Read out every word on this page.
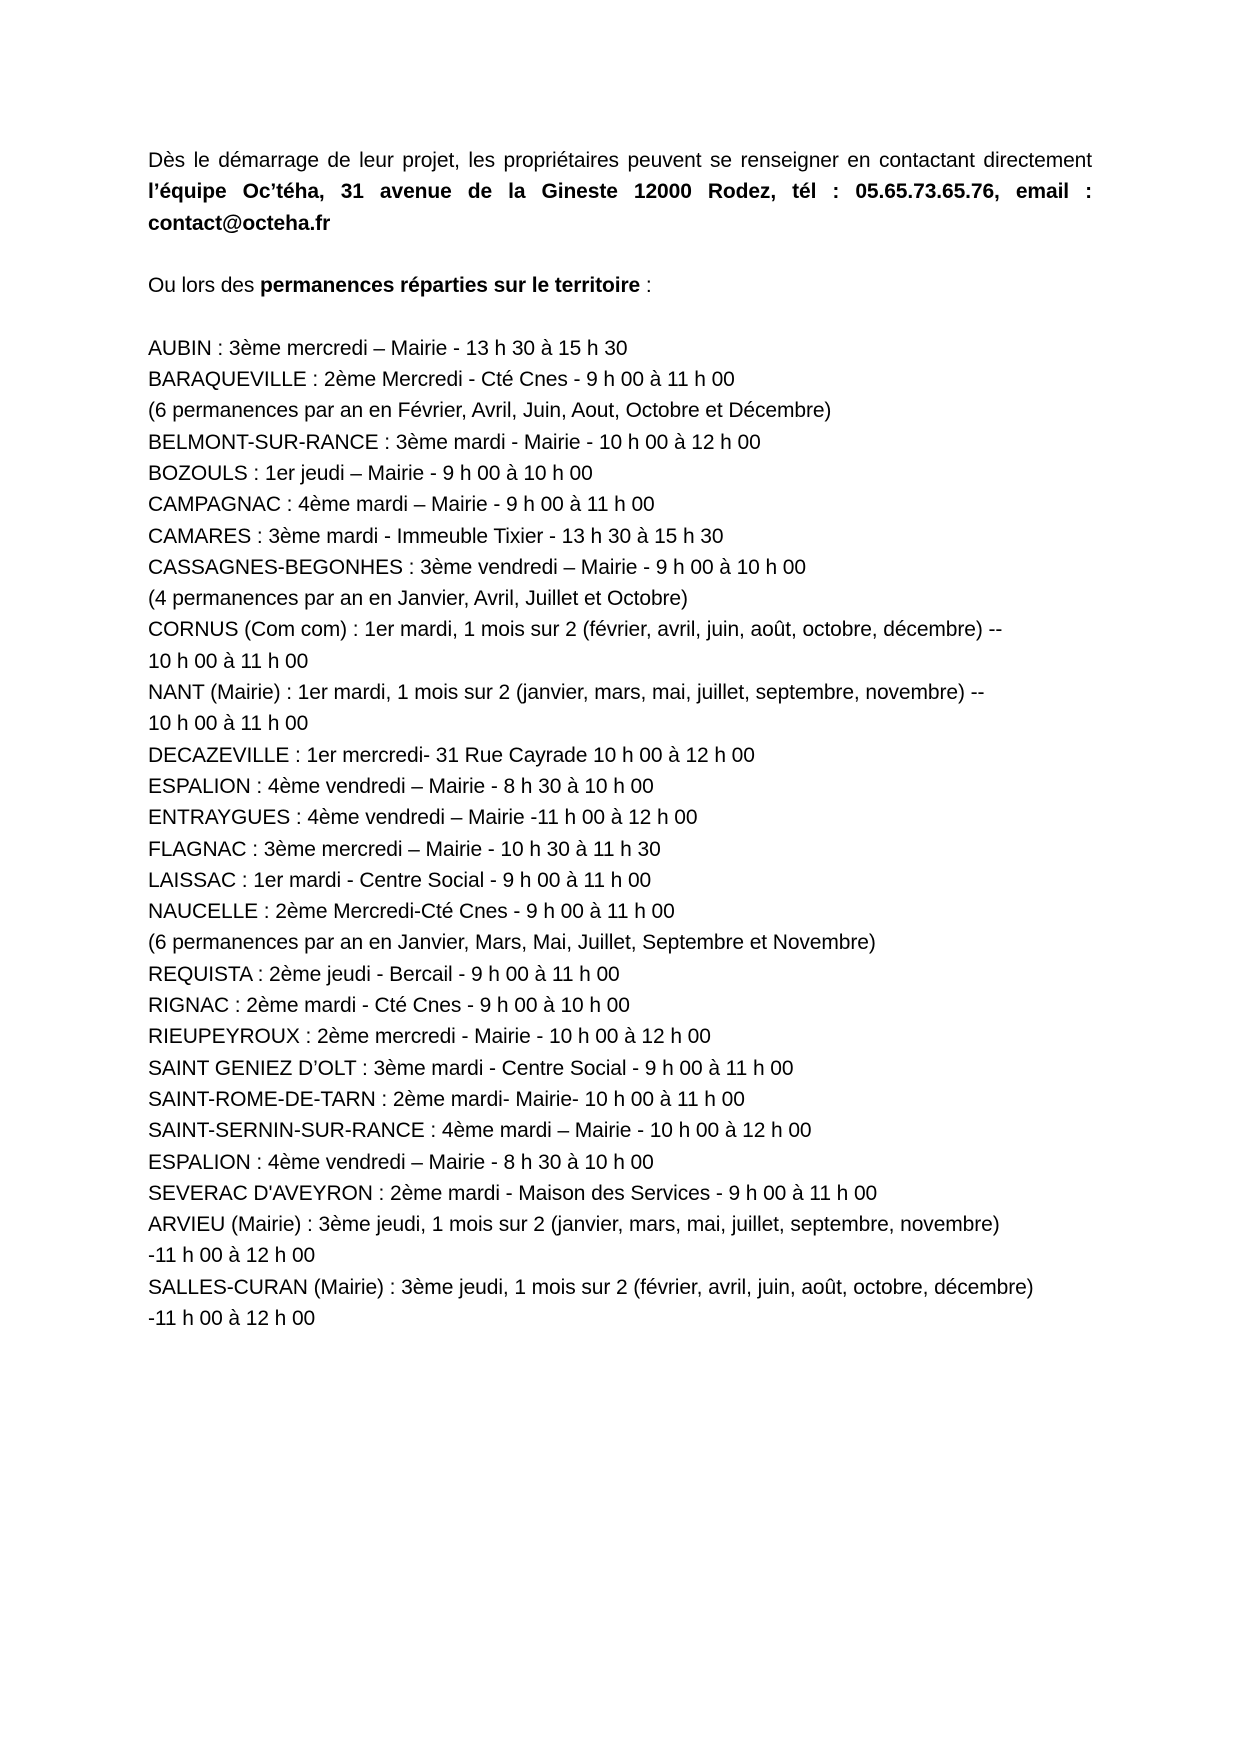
Dès le démarrage de leur projet, les propriétaires peuvent se renseigner en contactant directement l’équipe Oc’téha, 31 avenue de la Gineste 12000 Rodez, tél : 05.65.73.65.76, email : contact@octeha.fr

Ou lors des permanences réparties sur le territoire :

AUBIN : 3ème mercredi – Mairie - 13 h 30 à 15 h 30
BARAQUEVILLE : 2ème Mercredi - Cté Cnes - 9 h 00 à 11 h 00
(6 permanences par an en Février, Avril, Juin, Aout, Octobre et Décembre)
BELMONT-SUR-RANCE : 3ème mardi - Mairie - 10 h 00 à 12 h 00
BOZOULS : 1er jeudi – Mairie - 9 h 00 à 10 h 00
CAMPAGNAC : 4ème mardi – Mairie - 9 h 00 à 11 h 00
CAMARES : 3ème mardi - Immeuble Tixier - 13 h 30 à 15 h 30
CASSAGNES-BEGONHES : 3ème vendredi – Mairie - 9 h 00 à 10 h 00
(4 permanences par an en Janvier, Avril, Juillet et Octobre)
CORNUS (Com com) : 1er mardi, 1 mois sur 2 (février, avril, juin, août, octobre, décembre) --
10 h 00 à 11 h 00
NANT (Mairie) : 1er mardi, 1 mois sur 2 (janvier, mars, mai, juillet, septembre, novembre) --
10 h 00 à 11 h 00
DECAZEVILLE : 1er mercredi- 31 Rue Cayrade 10 h 00 à 12 h 00
ESPALION : 4ème vendredi – Mairie - 8 h 30 à 10 h 00
ENTRAYGUES : 4ème vendredi – Mairie -11 h 00 à 12 h 00
FLAGNAC : 3ème mercredi – Mairie - 10 h 30 à 11 h 30
LAISSAC : 1er mardi - Centre Social - 9 h 00 à 11 h 00
NAUCELLE : 2ème Mercredi-Cté Cnes - 9 h 00 à 11 h 00
(6 permanences par an en Janvier, Mars, Mai, Juillet, Septembre et Novembre)
REQUISTA : 2ème jeudi - Bercail - 9 h 00 à 11 h 00
RIGNAC : 2ème mardi - Cté Cnes - 9 h 00 à 10 h 00
RIEUPEYROUX : 2ème mercredi - Mairie - 10 h 00 à 12 h 00
SAINT GENIEZ D’OLT : 3ème mardi - Centre Social - 9 h 00 à 11 h 00
SAINT-ROME-DE-TARN : 2ème mardi- Mairie- 10 h 00 à 11 h 00
SAINT-SERNIN-SUR-RANCE : 4ème mardi – Mairie - 10 h 00 à 12 h 00
ESPALION : 4ème vendredi – Mairie - 8 h 30 à 10 h 00
SEVERAC D'AVEYRON : 2ème mardi - Maison des Services - 9 h 00 à 11 h 00
ARVIEU (Mairie) : 3ème jeudi, 1 mois sur 2 (janvier, mars, mai, juillet, septembre, novembre)
-11 h 00 à 12 h 00
SALLES-CURAN (Mairie) : 3ème jeudi, 1 mois sur 2 (février, avril, juin, août, octobre, décembre)
-11 h 00 à 12 h 00
